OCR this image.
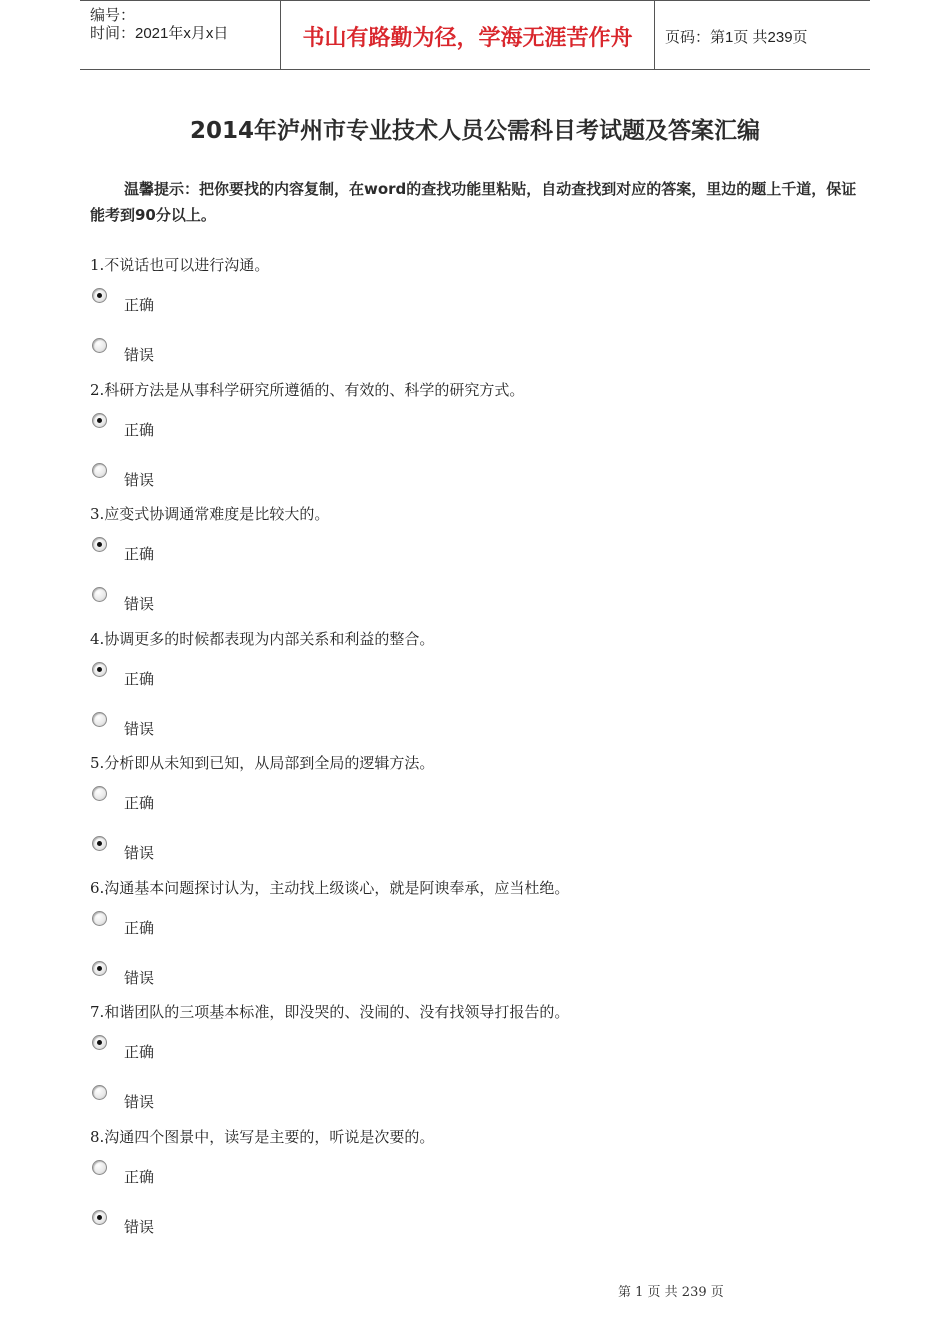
编号：
时间：2021年x月x日	书山有路勤为径，学海无涯苦作舟	页码：第1页 共239页
2014年泸州市专业技术人员公需科目考试题及答案汇编
温馨提示：把你要找的内容复制，在word的查找功能里粘贴，自动查找到对应的答案，里边的题上千道，保证能考到90分以上。
1.不说话也可以进行沟通。
正确
错误
2.科研方法是从事科学研究所遵循的、有效的、科学的研究方式。
正确
错误
3.应变式协调通常难度是比较大的。
正确
错误
4.协调更多的时候都表现为内部关系和利益的整合。
正确
错误
5.分析即从未知到已知，从局部到全局的逻辑方法。
正确
错误
6.沟通基本问题探讨认为，主动找上级谈心，就是阿谀奉承，应当杜绝。
正确
错误
7.和谐团队的三项基本标准，即没哭的、没闹的、没有找领导打报告的。
正确
错误
8.沟通四个图景中，读写是主要的，听说是次要的。
正确
错误
第 1 页 共 239 页
